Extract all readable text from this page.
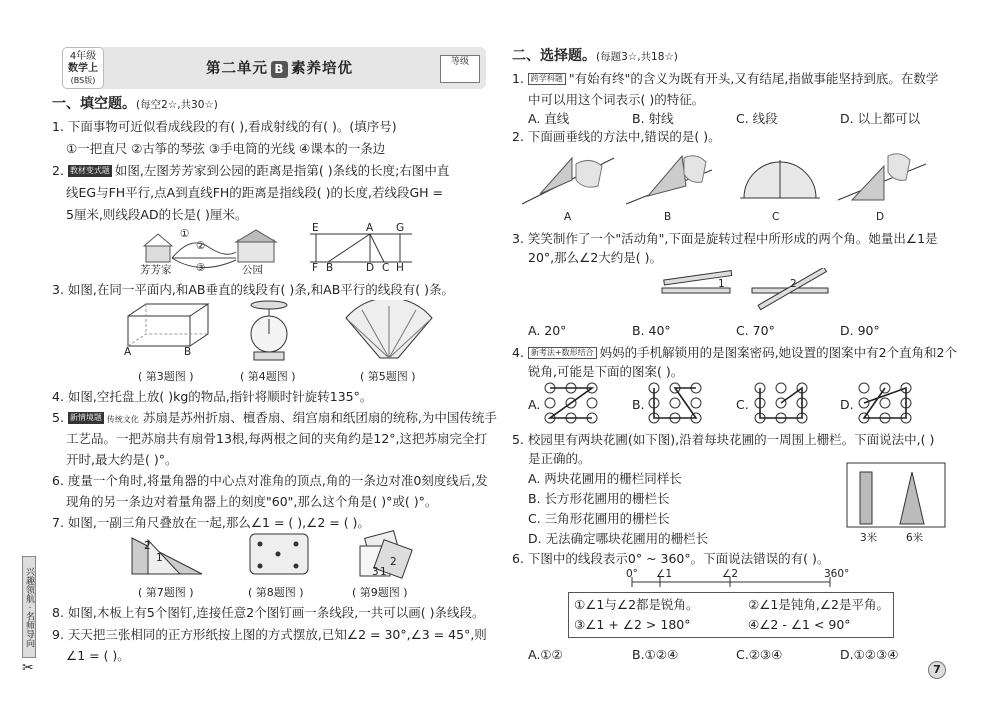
4年级
数学上
(BS版)
第二单元 B 素养培优	等级
一、填空题。(每空2☆,共30☆)
1. 下面事物可近似看成线段的有( ),看成射线的有( )。(填序号)
①一把直尺 ②古筝的琴弦 ③手电筒的光线 ④课本的一条边
2. 教材变式题 如图,左图芳芳家到公园的距离是指第( )条线的长度;右图中直
线EG与FH平行,点A到直线FH的距离是指线段( )的长度,若线段GH =
5厘米,则线段AD的长是( )厘米。
②
①
③
芳芳家	公园
E	A G
F B	D C H
3. 如图,在同一平面内,和AB垂直的线段有( )条,和AB平行的线段有( )条。
A	B
( 第3题图 )	( 第4题图 )	( 第5题图 )
4. 如图,空托盘上放( )kg的物品,指针将顺时针旋转135°。
5. 新情境题 传统文化 苏扇是苏州折扇、檀香扇、绢宫扇和纸团扇的统称,为中国传统手
工艺品。一把苏扇共有扇骨13根,每两根之间的夹角约是12°,这把苏扇完全打
开时,最大约是( )°。
6. 度量一个角时,将量角器的中心点对准角的顶点,角的一条边对准0刻度线后,发
现角的另一条边对着量角器上的刻度"60",那么这个角是( )°或( )°。
7. 如图,一副三角尺叠放在一起,那么∠1 = ( ),∠2 = ( )。
2
1
3 1
2
( 第7题图 )	( 第8题图 )	( 第9题图 )
8. 如图,木板上有5个图钉,连接任意2个图钉画一条线段,一共可以画( )条线段。
9. 天天把三张相同的正方形纸按上图的方式摆放,已知∠2 = 30°,∠3 = 45°,则
∠1 = ( )。
兴趣领航 · 名师导向
✂
二、选择题。(每题3☆,共18☆)
1. 跨学科题 "有始有终"的含义为既有开头,又有结尾,指做事能坚持到底。在数学
中可以用这个词表示( )的特征。
A. 直线	B. 射线	C. 线段	D. 以上都可以
2. 下面画垂线的方法中,错误的是( )。
A	B	C	D
3. 笑笑制作了一个"活动角",下面是旋转过程中所形成的两个角。她量出∠1是
20°,那么∠2大约是( )。
1	2
A. 20°	B. 40°	C. 70°	D. 90°
4. 新考法+数形结合 妈妈的手机解锁用的是图案密码,她设置的图案中有2个直角和2个
锐角,可能是下面的图案( )。
A.	B.	C.	D.
5. 校园里有两块花圃(如下图),沿着每块花圃的一周围上栅栏。下面说法中,( )
是正确的。
A. 两块花圃用的栅栏同样长
B. 长方形花圃用的栅栏长
C. 三角形花圃用的栅栏长
D. 无法确定哪块花圃用的栅栏长	3米	6米
6. 下图中的线段表示0° ~ 360°。下面说法错误的有( )。
0° ∠1	∠2	360°
①∠1与∠2都是锐角。	②∠1是钝角,∠2是平角。
③∠1 + ∠2 > 180°	④∠2 - ∠1 < 90°
A.①②	B.①②④	C.②③④	D.①②③④
7
